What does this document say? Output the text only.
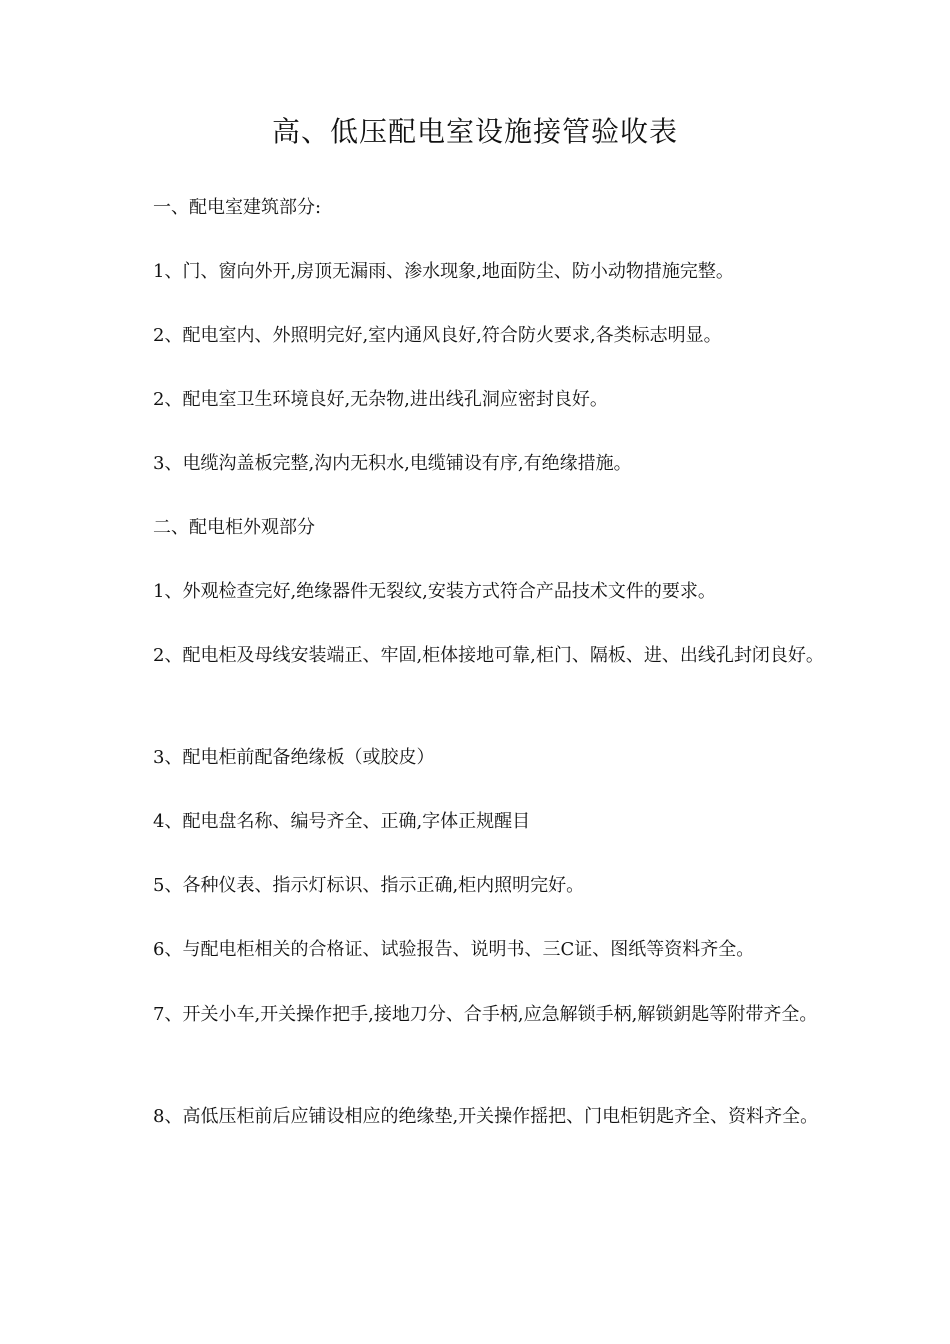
高、低压配电室设施接管验收表

一、配电室建筑部分:

1、门、窗向外开,房顶无漏雨、渗水现象,地面防尘、防小动物措施完整。

2、配电室内、外照明完好,室内通风良好,符合防火要求,各类标志明显。

2、配电室卫生环境良好,无杂物,进出线孔洞应密封良好。

3、电缆沟盖板完整,沟内无积水,电缆铺设有序,有绝缘措施。

二、配电柜外观部分

1、外观检查完好,绝缘器件无裂纹,安装方式符合产品技术文件的要求。

2、配电柜及母线安装端正、牢固,柜体接地可靠,柜门、隔板、进、出线孔封闭良好。

3、配电柜前配备绝缘板（或胶皮）

4、配电盘名称、编号齐全、正确,字体正规醒目

5、各种仪表、指示灯标识、指示正确,柜内照明完好。

6、与配电柜相关的合格证、试验报告、说明书、三C证、图纸等资料齐全。

7、开关小车,开关操作把手,接地刀分、合手柄,应急解锁手柄,解锁鈅匙等附带齐全。

8、高低压柜前后应铺设相应的绝缘垫,开关操作摇把、门电柜钥匙齐全、资料齐全。
